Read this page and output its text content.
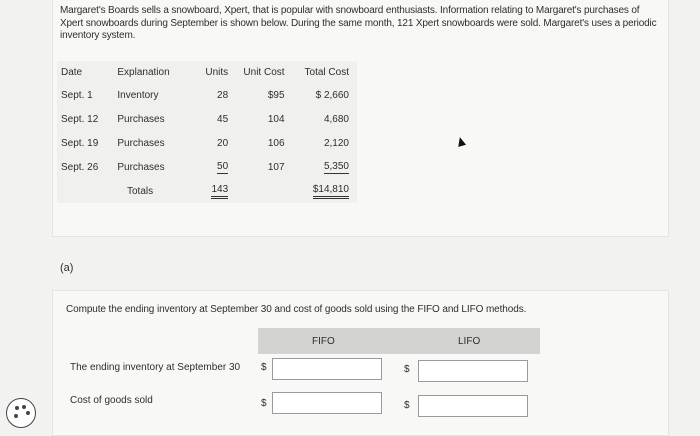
Margaret's Boards sells a snowboard, Xpert, that is popular with snowboard enthusiasts. Information relating to Margaret's purchases of Xpert snowboards during September is shown below. During the same month, 121 Xpert snowboards were sold. Margaret's uses a periodic inventory system.
Date	Explanation	Units	Unit Cost	Total Cost
Sept. 1	Inventory	28	$95	$ 2,660
Sept. 12	Purchases	45	104	4,680
Sept. 19	Purchases	20	106	2,120
Sept. 26	Purchases	50	107	5,350
Totals		143		$14,810
(a)
Compute the ending inventory at September 30 and cost of goods sold using the FIFO and LIFO methods.
FIFO	LIFO
The ending inventory at September 30 $	$
Cost of goods sold	$	$
